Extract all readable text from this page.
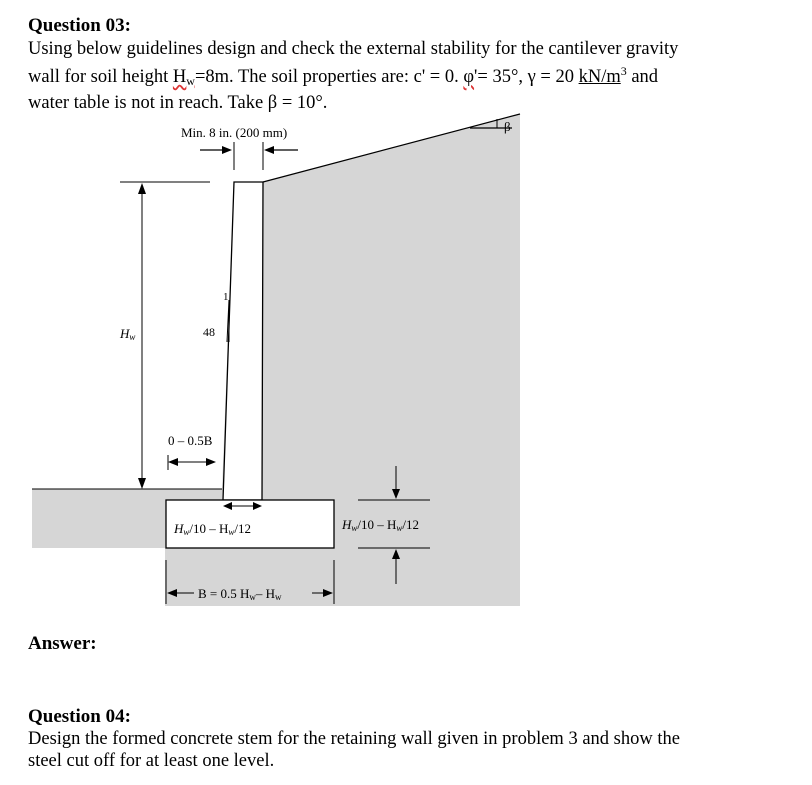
Question 03:

Using below guidelines design and check the external stability for the cantilever gravity
wall for soil height $H_w=8m$. The soil properties are: c' = 0. φ'= 35°, γ = 20 $kN/m^3$ and
water table is not in reach. Take β = 10°.
Min. 8 in. (200 mm)	β
1
48
Hw
0 – 0.5B
Hw/10 – Hw/12	Hw/10 – Hw/12
B = 0.5 Hw– Hw

Answer:

Question 04:

Design the formed concrete stem for the retaining wall given in problem 3 and show the
steel cut off for at least one level.
